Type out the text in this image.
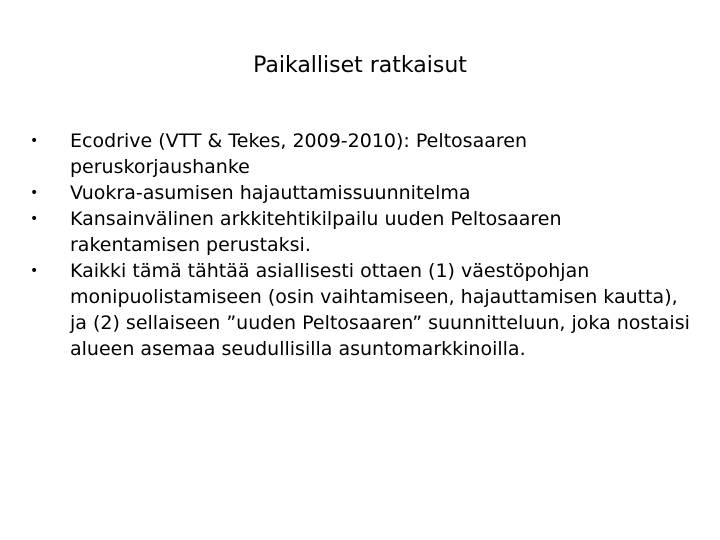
Paikalliset ratkaisut
•	Ecodrive (VTT & Tekes, 2009-2010): Peltosaaren peruskorjaushanke
•	Vuokra-asumisen hajauttamissuunnitelma
•	Kansainvälinen arkkitehtikilpailu uuden Peltosaaren rakentamisen perustaksi.
•	Kaikki tämä tähtää asiallisesti ottaen (1) väestöpohjan monipuolistamiseen (osin vaihtamiseen, hajauttamisen kautta), ja (2) sellaiseen ”uuden Peltosaaren” suunnitteluun, joka nostaisi alueen asemaa seudullisilla asuntomarkkinoilla.
